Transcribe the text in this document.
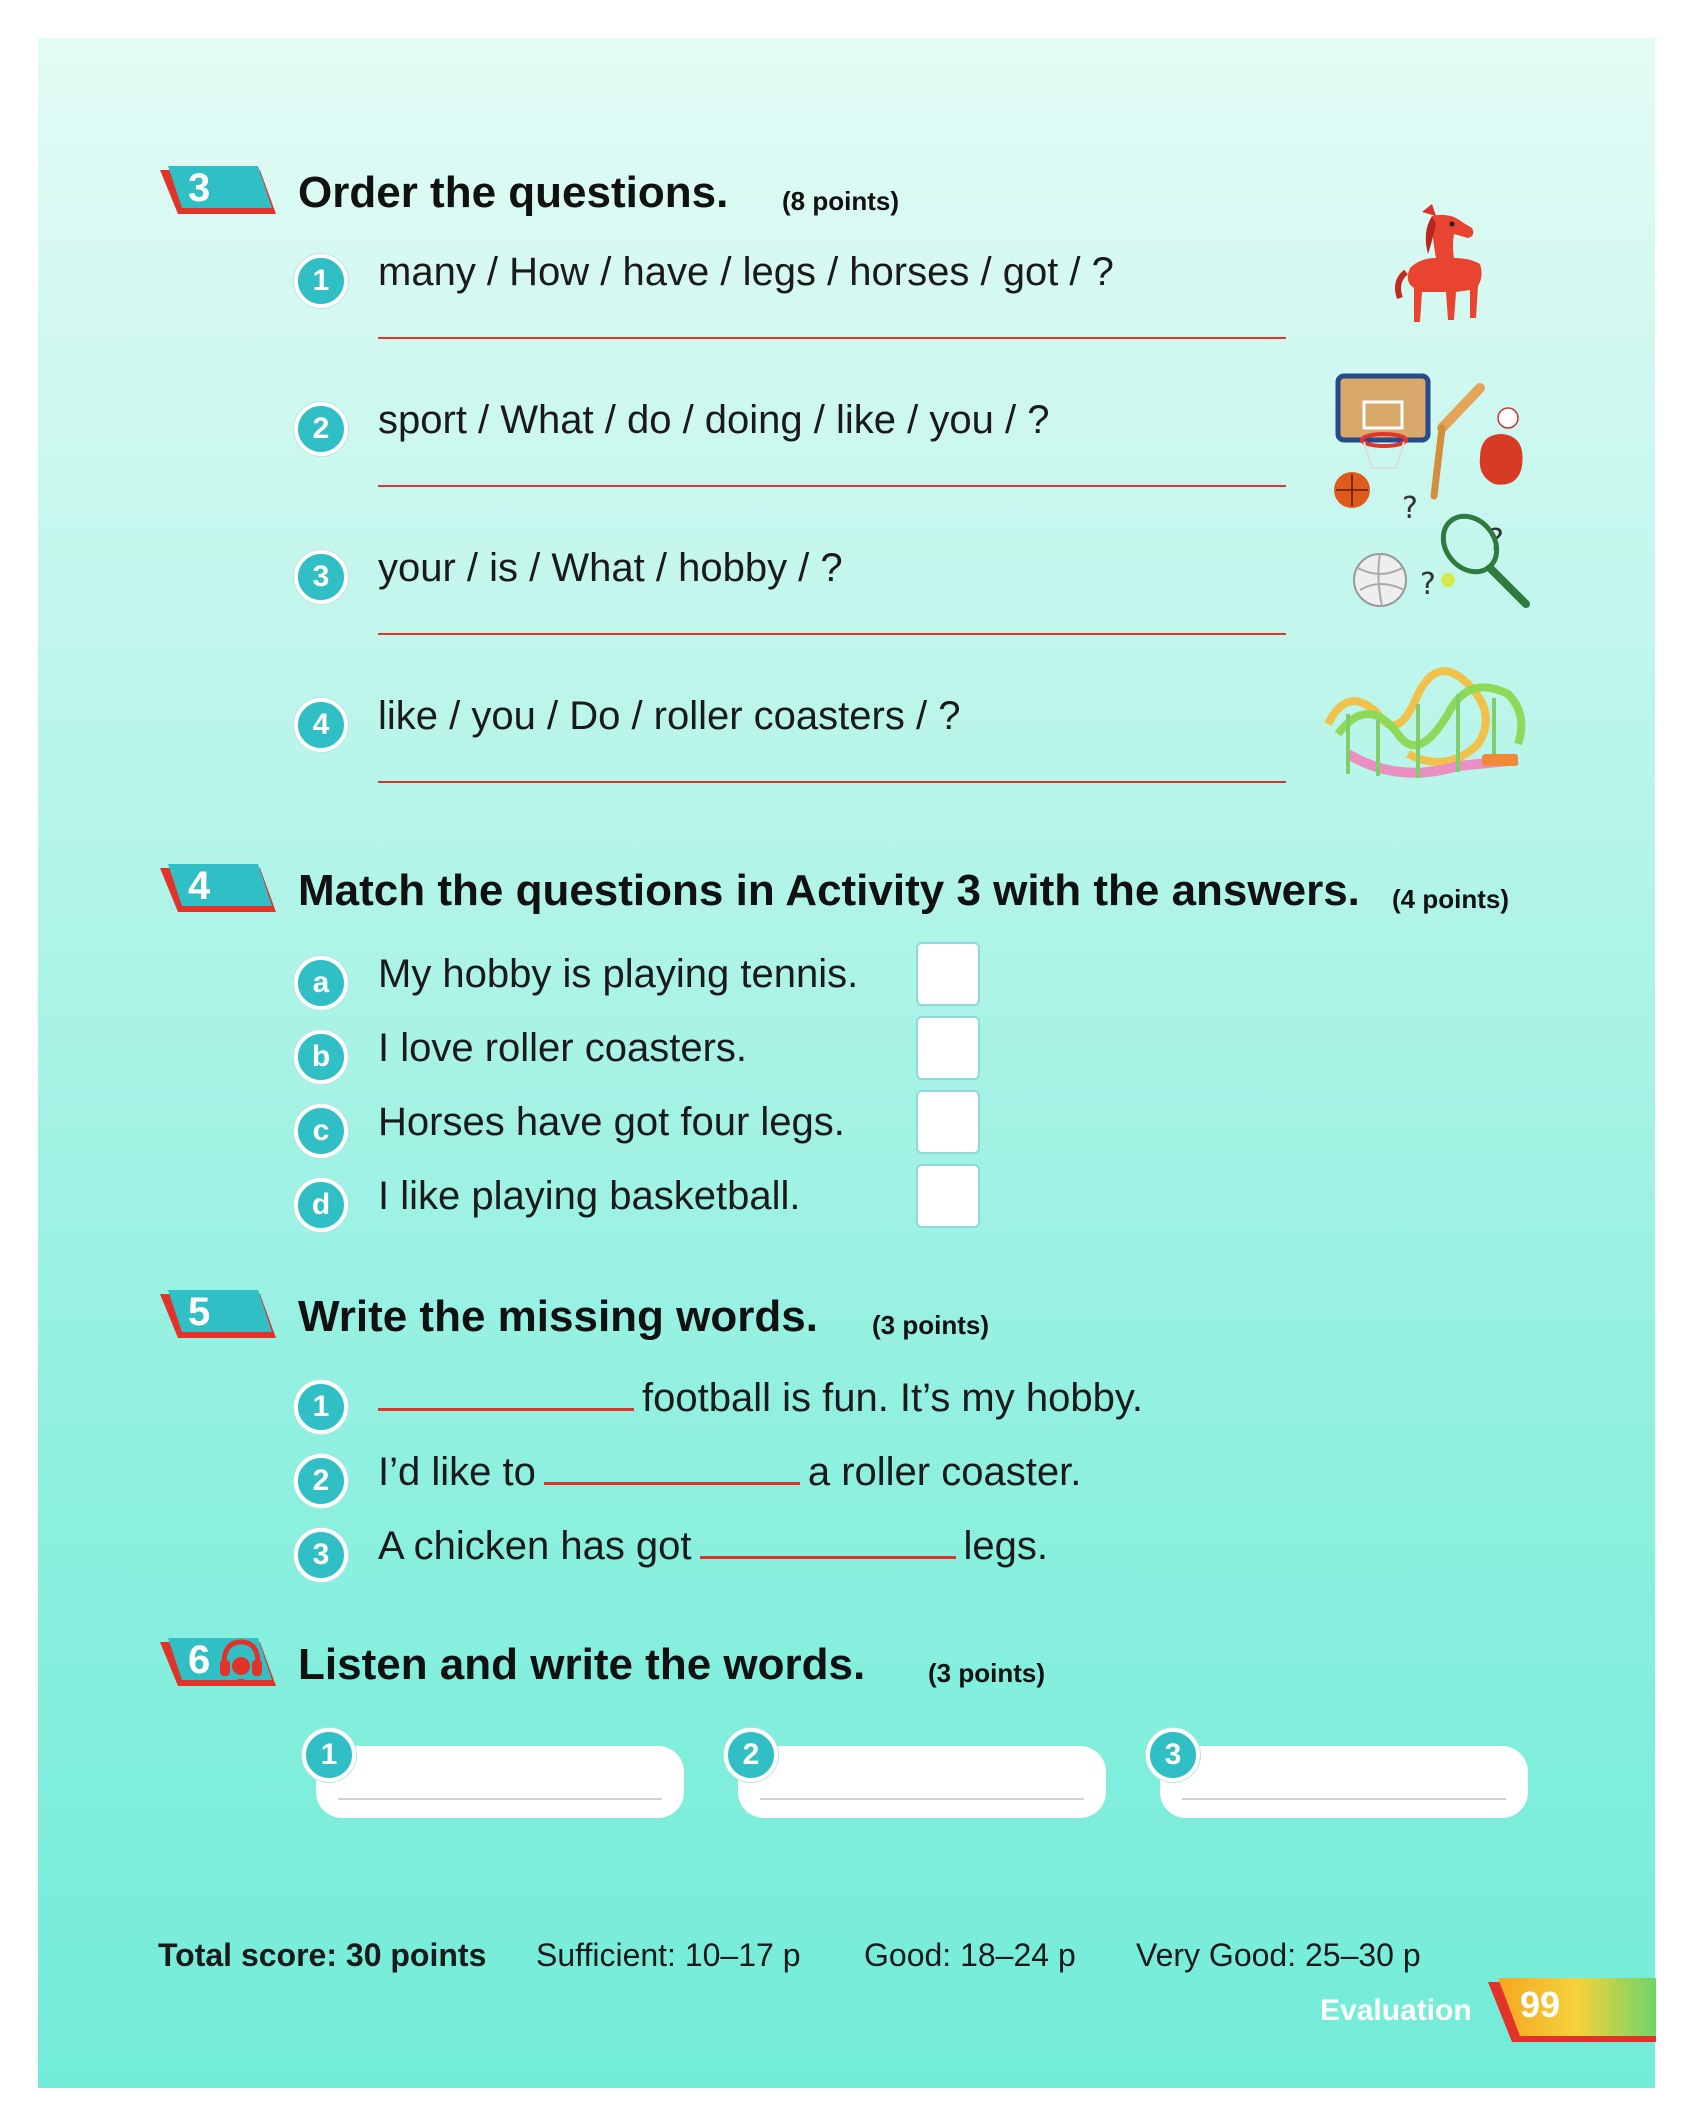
3 Order the questions. (8 points)
1	many / How / have / legs / horses / got / ?
2	sport / What / do / doing / like / you / ?
3	your / is / What / hobby / ?
4	like / you / Do / roller coasters / ?
?
?
?
4 Match the questions in Activity 3 with the answers. (4 points)
a	My hobby is playing tennis.
b	I love roller coasters.
c	Horses have got four legs.
d	I like playing basketball.
5 Write the missing words. (3 points)
1	football is fun. It’s my hobby.
2	I’d like to	a roller coaster.
3	A chicken has got	legs.
6 Listen and write the words. (3 points)
1	2	3
Total score: 30 points Sufficient: 10–17 p Good: 18–24 p Very Good: 25–30 p
Evaluation 99
